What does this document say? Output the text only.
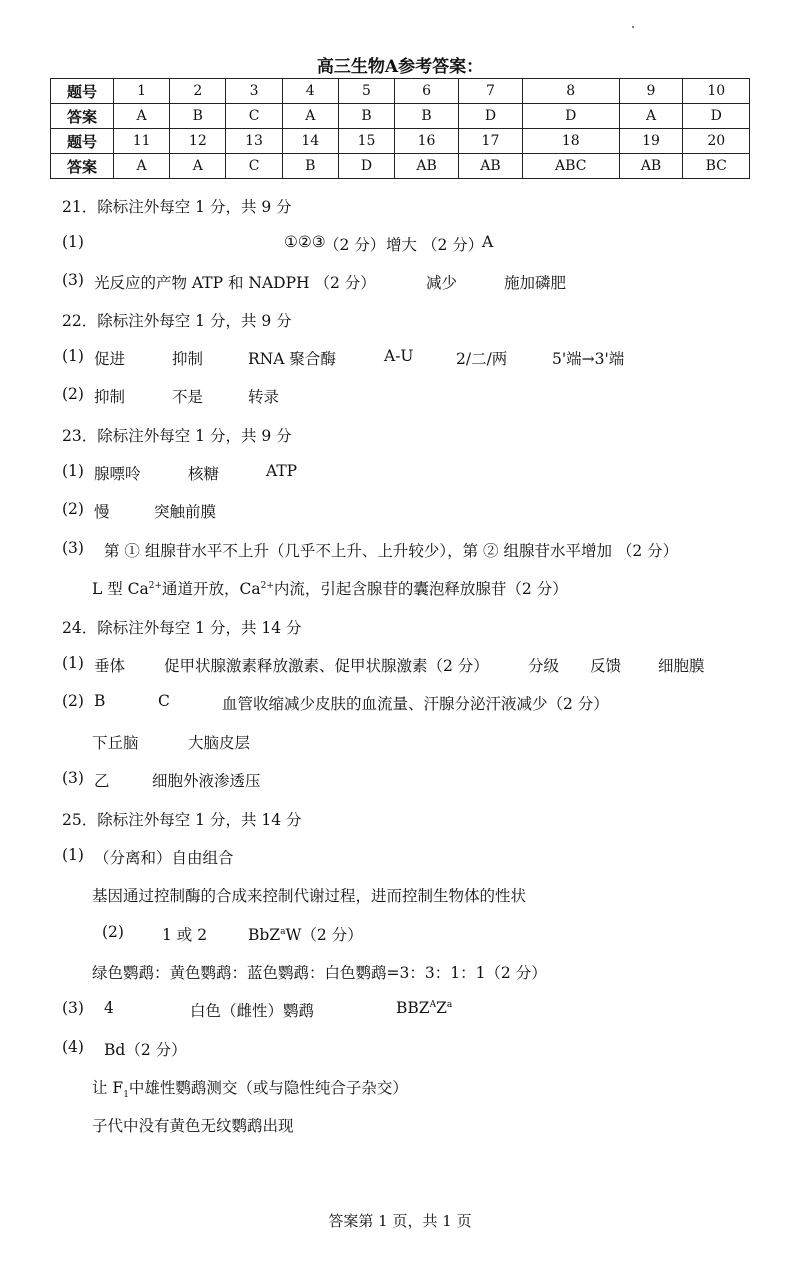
高三生物A参考答案：
题号	1	2	3	4	5	6	7	8	9	10
答案	A	B	C	A	B	B	D	D	A	D
题号	11	12	13	14	15	16	17	18	19	20
答案	A	A	C	B	D	AB	AB	ABC	AB	BC
21．除标注外每空 1 分，共 9 分
(1)	①②③
（2 分） 增大 （2 分）
A
(3) 光反应的产物 ATP 和 NADPH （2 分）	减少	施加磷肥
22．除标注外每空 1 分，共 9 分
(1) 促进	抑制	RNA 聚合酶	A-U	2/二/两	5'端→3'端
(2) 抑制	不是	转录
23．除标注外每空 1 分，共 9 分
(1) 腺嘌呤	核糖	ATP
(2) 慢	突触前膜
(3) 第 ① 组腺苷水平不上升（几乎不上升、上升较少），第 ② 组腺苷水平增加 （2 分）
L 型 $Ca^{2+}$通道开放，$Ca^{2+}$内流，引起含腺苷的囊泡释放腺苷（2 分）
24．除标注外每空 1 分，共 14 分
(1) 垂体	促甲状腺激素释放激素、促甲状腺激素（2 分）	分级 反馈 细胞膜
(2) B	C	血管收缩减少皮肤的血流量、汗腺分泌汗液减少（2 分）
下丘脑	大脑皮层
(3) 乙	细胞外液渗透压
25．除标注外每空 1 分，共 14 分
(1) （分离和）自由组合
基因通过控制酶的合成来控制代谢过程，进而控制生物体的性状
(2) 1 或 2	BbZ$^a$W（2 分）
绿色鹦鹉：黄色鹦鹉：蓝色鹦鹉：白色鹦鹉=3：3：1：1（2 分）
(3) 4	白色（雌性）鹦鹉	$BBZ^AZ^a$
(4) Bd（2 分）
让 $F_1$中雄性鹦鹉测交（或与隐性纯合子杂交）
子代中没有黄色无纹鹦鹉出现
答案第 1 页，共 1 页
